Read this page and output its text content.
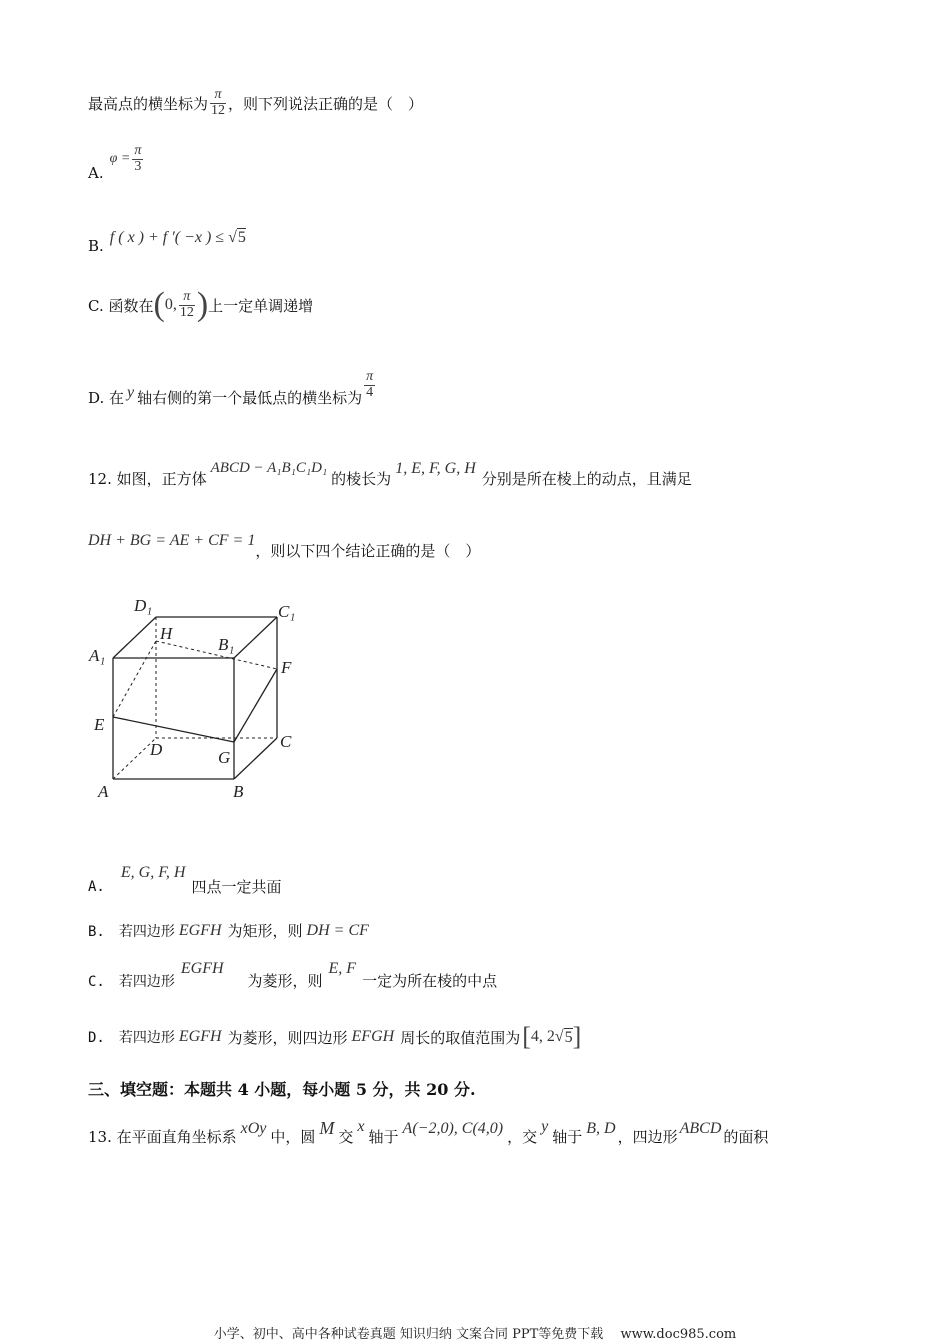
最高点的横坐标为 $\frac{\pi}{12}$ ，则下列说法正确的是（　）
A.
$\varphi = \frac{\pi}{3}$
B. f ( x ) + f ′( −x ) ≤ √ 5
C. 函数在 ( 0, $\frac{\pi}{12}$ ) 上一定单调递增
D. 在 y 轴右侧的第一个最低点的横坐标为 $\frac{\pi}{4}$
12. 如图，正方体
ABCD − A₁B₁C₁D₁
的棱长为
1, E, F, G, H
分别是所在棱上的动点，且满足
DH + BG = AE + CF = 1
，则以下四个结论正确的是（　）
D₁	C₁
H
B₁
A₁
F
E
D	C
G
A	B
A.
E, G, F, H
四点一定共面
B.　若四边形 EGFH 为矩形，则 DH = CF
C.　若四边形
EGFH
为菱形，则
E, F
一定为所在棱的中点
D.　若四边形 EGFH 为菱形，则四边形 EFGH 周长的取值范围为 [ 4, 2√ 5 ]
三、填空题：本题共 4 小题，每小题 5 分，共 20 分.
13. 在平面直角坐标系 xOy 中，圆 M 交
x
轴于 A(−2,0), C(4,0) ，交
y
轴于 B, D ，四边形 ABCD 的面积
小学、初中、高中各种试卷真题 知识归纳 文案合同 PPT等免费下载　 www.doc985.com
